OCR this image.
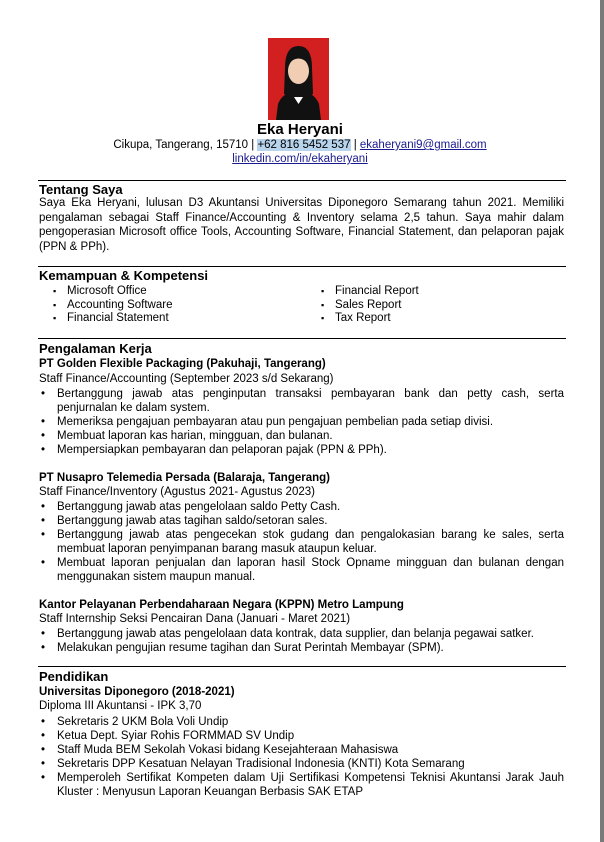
Eka Heryani
Cikupa, Tangerang, 15710 | +62 816 5452 537 | ekaheryani9@gmail.com
linkedin.com/in/ekaheryani
Tentang Saya
Saya Eka Heryani, lulusan D3 Akuntansi Universitas Diponegoro Semarang tahun 2021. Memiliki pengalaman sebagai Staff Finance/Accounting & Inventory selama 2,5 tahun. Saya mahir dalam pengoperasian Microsoft office Tools, Accounting Software, Financial Statement, dan pelaporan pajak (PPN & PPh).
Kemampuan & Kompetensi
▪ Microsoft Office
▪ Accounting Software
▪ Financial Statement
▪ Financial Report
▪ Sales Report
▪ Tax Report
Pengalaman Kerja
PT Golden Flexible Packaging (Pakuhaji, Tangerang)
Staff Finance/Accounting (September 2023 s/d Sekarang)
• Bertanggung jawab atas penginputan transaksi pembayaran bank dan petty cash, serta penjurnalan ke dalam system.
• Memeriksa pengajuan pembayaran atau pun pengajuan pembelian pada setiap divisi.
• Membuat laporan kas harian, mingguan, dan bulanan.
• Mempersiapkan pembayaran dan pelaporan pajak (PPN & PPh).
PT Nusapro Telemedia Persada (Balaraja, Tangerang)
Staff Finance/Inventory (Agustus 2021- Agustus 2023)
• Bertanggung jawab atas pengelolaan saldo Petty Cash.
• Bertanggung jawab atas tagihan saldo/setoran sales.
• Bertanggung jawab atas pengecekan stok gudang dan pengalokasian barang ke sales, serta membuat laporan penyimpanan barang masuk ataupun keluar.
• Membuat laporan penjualan dan laporan hasil Stock Opname mingguan dan bulanan dengan menggunakan sistem maupun manual.
Kantor Pelayanan Perbendaharaan Negara (KPPN) Metro Lampung
Staff Internship Seksi Pencairan Dana (Januari - Maret 2021)
• Bertanggung jawab atas pengelolaan data kontrak, data supplier, dan belanja pegawai satker.
• Melakukan pengujian resume tagihan dan Surat Perintah Membayar (SPM).
Pendidikan
Universitas Diponegoro (2018-2021)
Diploma III Akuntansi - IPK 3,70
• Sekretaris 2 UKM Bola Voli Undip
• Ketua Dept. Syiar Rohis FORMMAD SV Undip
• Staff Muda BEM Sekolah Vokasi bidang Kesejahteraan Mahasiswa
• Sekretaris DPP Kesatuan Nelayan Tradisional Indonesia (KNTI) Kota Semarang
• Memperoleh Sertifikat Kompeten dalam Uji Sertifikasi Kompetensi Teknisi Akuntansi Jarak Jauh Kluster : Menyusun Laporan Keuangan Berbasis SAK ETAP
